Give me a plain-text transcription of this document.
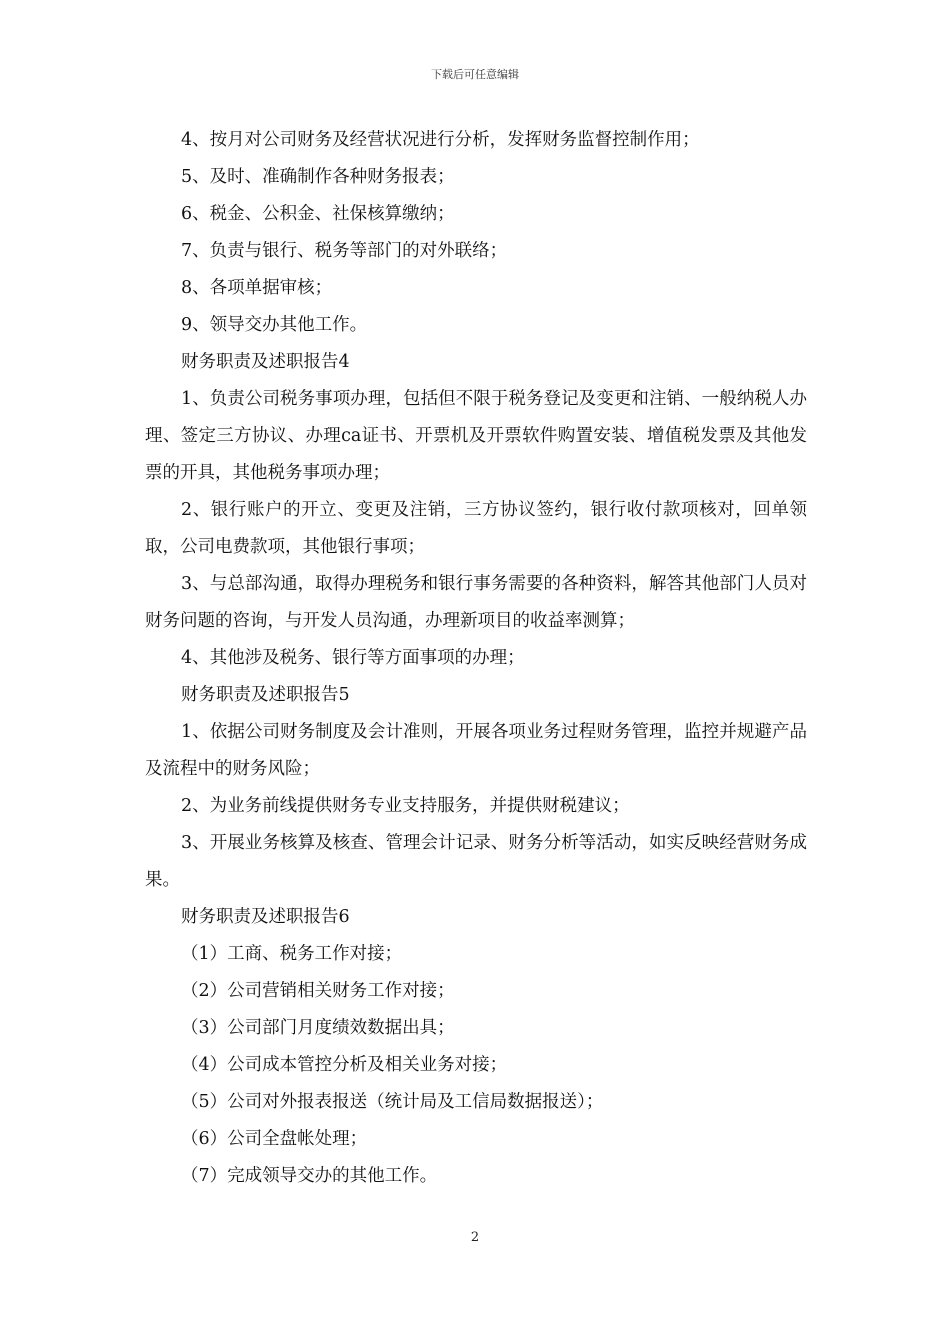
下载后可任意编辑

4、按月对公司财务及经营状况进行分析，发挥财务监督控制作用；

5、及时、准确制作各种财务报表；

6、税金、公积金、社保核算缴纳；

7、负责与银行、税务等部门的对外联络；

8、各项单据审核；

9、领导交办其他工作。

财务职责及述职报告4

1、负责公司税务事项办理，包括但不限于税务登记及变更和注销、一般纳税人办理、签定三方协议、办理ca证书、开票机及开票软件购置安装、增值税发票及其他发票的开具，其他税务事项办理；

2、银行账户的开立、变更及注销，三方协议签约，银行收付款项核对，回单领取，公司电费款项，其他银行事项；

3、与总部沟通，取得办理税务和银行事务需要的各种资料，解答其他部门人员对财务问题的咨询，与开发人员沟通，办理新项目的收益率测算；

4、其他涉及税务、银行等方面事项的办理；

财务职责及述职报告5

1、依据公司财务制度及会计准则，开展各项业务过程财务管理，监控并规避产品及流程中的财务风险；

2、为业务前线提供财务专业支持服务，并提供财税建议；

3、开展业务核算及核查、管理会计记录、财务分析等活动，如实反映经营财务成果。

财务职责及述职报告6

（1）工商、税务工作对接；
（2）公司营销相关财务工作对接；
（3）公司部门月度绩效数据出具；
（4）公司成本管控分析及相关业务对接；
（5）公司对外报表报送（统计局及工信局数据报送）；
（6）公司全盘帐处理；
（7）完成领导交办的其他工作。
2
